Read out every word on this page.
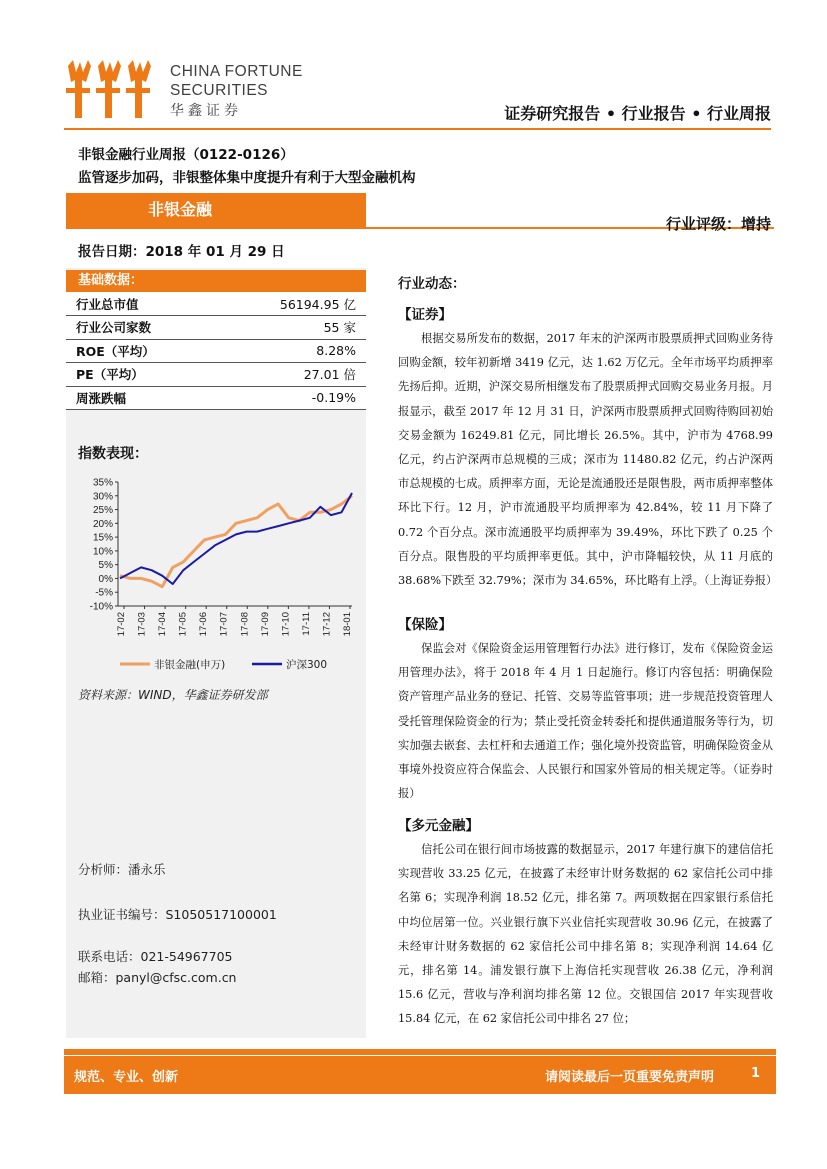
CHINA FORTUNE
SECURITIES
华鑫证券	证券研究报告 • 行业报告 • 行业周报
非银金融行业周报（0122-0126）
监管逐步加码，非银整体集中度提升有利于大型金融机构
非银金融
行业评级：增持
报告日期：2018 年 01 月 29 日
基础数据：
行业总市值	56194.95 亿
行业公司家数	55 家
ROE（平均）	8.28%
PE（平均）	27.01 倍
周涨跌幅	-0.19%
指数表现：
35%
30%
25%
20%
15%
10%
5%
0%
-5%
-10%
17-02 17-03 17-04 17-05 17-06 17-07 17-08 17-09 17-10 17-11 17-12 18-01
非银金融(申万)	沪深300
资料来源：WIND，华鑫证券研发部
分析师：潘永乐
执业证书编号：S1050517100001
联系电话：021-54967705
邮箱：panyl@cfsc.com.cn
行业动态：
【证券】
根据交易所发布的数据，2017 年末的沪深两市股票质押式回购业务待回购金额，较年初新增 3419 亿元，达 1.62 万亿元。全年市场平均质押率先扬后抑。近期，沪深交易所相继发布了股票质押式回购交易业务月报。月报显示，截至 2017 年 12 月 31 日，沪深两市股票质押式回购待购回初始交易金额为 16249.81 亿元，同比增长 26.5%。其中，沪市为 4768.99 亿元，约占沪深两市总规模的三成；深市为 11480.82 亿元，约占沪深两市总规模的七成。质押率方面，无论是流通股还是限售股，两市质押率整体环比下行。12 月，沪市流通股平均质押率为 42.84%，较 11 月下降了 0.72 个百分点。深市流通股平均质押率为 39.49%，环比下跌了 0.25 个百分点。限售股的平均质押率更低。其中，沪市降幅较快，从 11 月底的 38.68%下跌至 32.79%；深市为 34.65%，环比略有上浮。（上海证券报）
【保险】
保监会对《保险资金运用管理暂行办法》进行修订，发布《保险资金运用管理办法》，将于 2018 年 4 月 1 日起施行。修订内容包括：明确保险资产管理产品业务的登记、托管、交易等监管事项；进一步规范投资管理人受托管理保险资金的行为；禁止受托资金转委托和提供通道服务等行为，切实加强去嵌套、去杠杆和去通道工作；强化境外投资监管，明确保险资金从事境外投资应符合保监会、人民银行和国家外管局的相关规定等。（证券时报）
【多元金融】
信托公司在银行间市场披露的数据显示，2017 年建行旗下的建信信托实现营收 33.25 亿元，在披露了未经审计财务数据的 62 家信托公司中排名第 6；实现净利润 18.52 亿元，排名第 7。两项数据在四家银行系信托中均位居第一位。兴业银行旗下兴业信托实现营收 30.96 亿元，在披露了未经审计财务数据的 62 家信托公司中排名第 8；实现净利润 14.64 亿元，排名第 14。浦发银行旗下上海信托实现营收 26.38 亿元，净利润 15.6 亿元，营收与净利润均排名第 12 位。交银国信 2017 年实现营收 15.84 亿元，在 62 家信托公司中排名 27 位；
规范、专业、创新	请阅读最后一页重要免责声明	1
